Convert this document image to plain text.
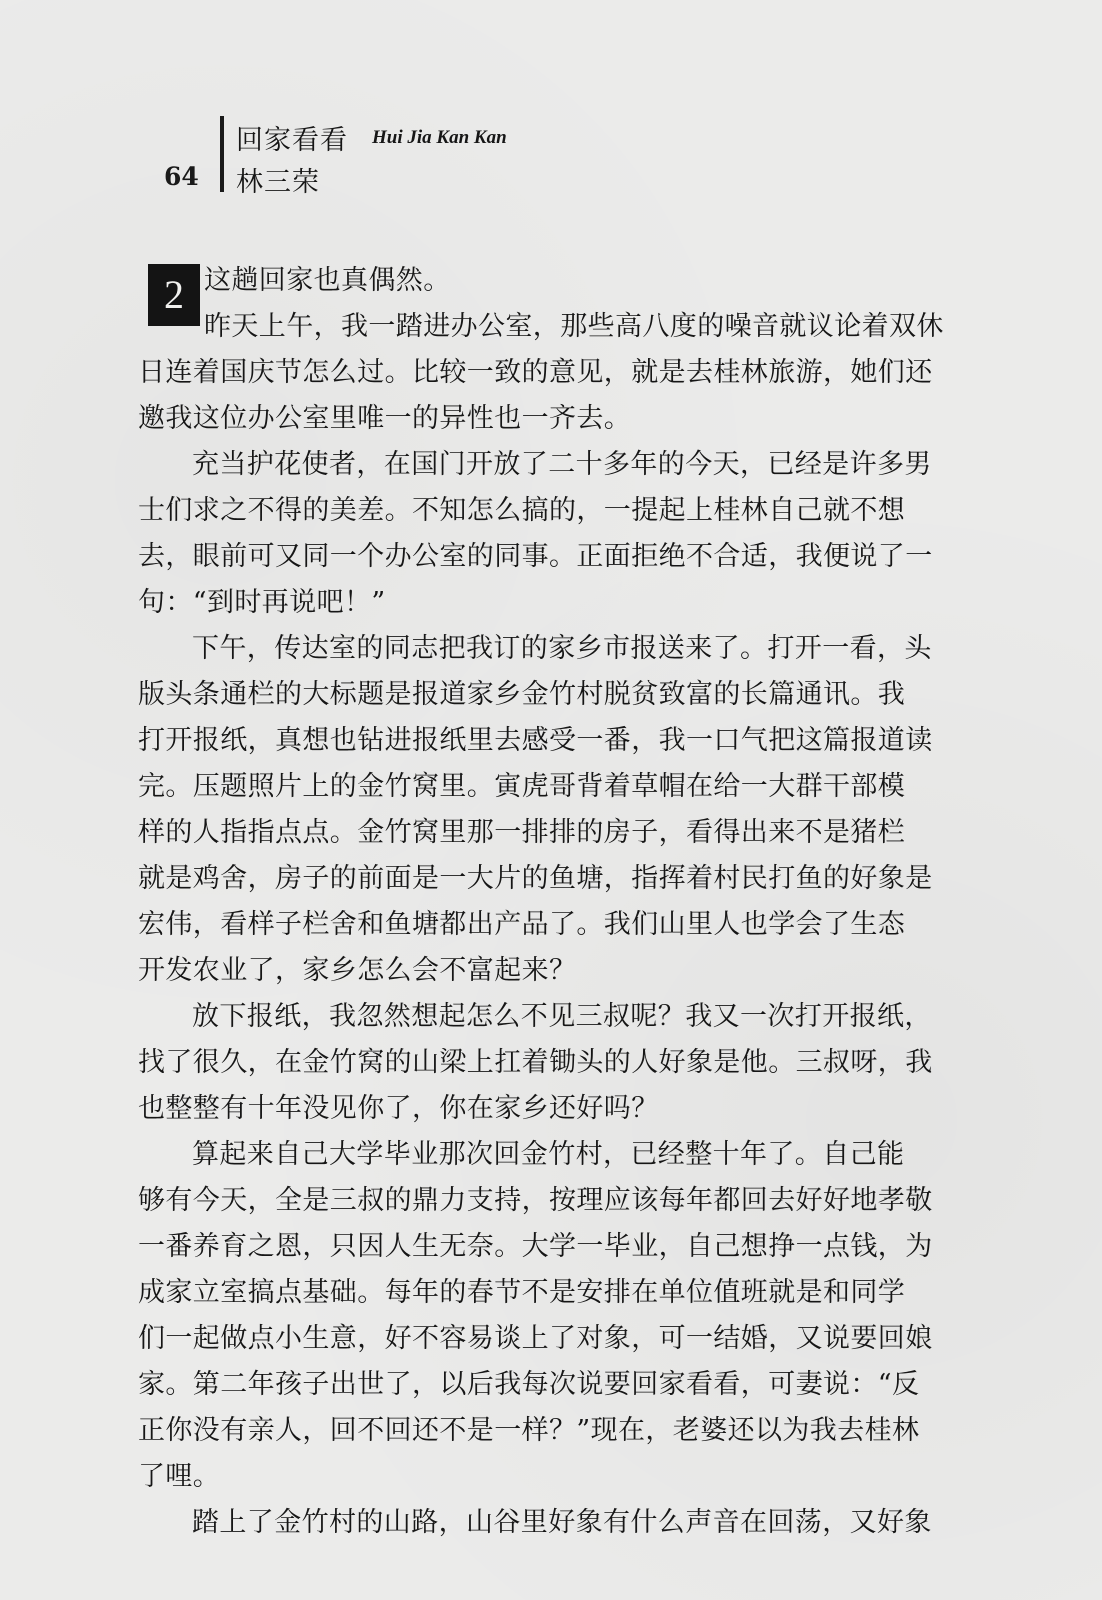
64
回家看看 Hui Jia Kan Kan
林三荣
2 这趟回家也真偶然。
昨天上午，我一踏进办公室，那些高八度的噪音就议论着双休
日连着国庆节怎么过。比较一致的意见，就是去桂林旅游，她们还
邀我这位办公室里唯一的异性也一齐去。
充当护花使者，在国门开放了二十多年的今天，已经是许多男
士们求之不得的美差。不知怎么搞的，一提起上桂林自己就不想
去，眼前可又同一个办公室的同事。正面拒绝不合适，我便说了一
句：“到时再说吧！”
下午，传达室的同志把我订的家乡市报送来了。打开一看，头
版头条通栏的大标题是报道家乡金竹村脱贫致富的长篇通讯。我
打开报纸，真想也钻进报纸里去感受一番，我一口气把这篇报道读
完。压题照片上的金竹窝里。寅虎哥背着草帽在给一大群干部模
样的人指指点点。金竹窝里那一排排的房子，看得出来不是猪栏
就是鸡舍，房子的前面是一大片的鱼塘，指挥着村民打鱼的好象是
宏伟，看样子栏舍和鱼塘都出产品了。我们山里人也学会了生态
开发农业了，家乡怎么会不富起来？
放下报纸，我忽然想起怎么不见三叔呢？我又一次打开报纸，
找了很久，在金竹窝的山梁上扛着锄头的人好象是他。三叔呀，我
也整整有十年没见你了，你在家乡还好吗？
算起来自己大学毕业那次回金竹村，已经整十年了。自己能
够有今天，全是三叔的鼎力支持，按理应该每年都回去好好地孝敬
一番养育之恩，只因人生无奈。大学一毕业，自己想挣一点钱，为
成家立室搞点基础。每年的春节不是安排在单位值班就是和同学
们一起做点小生意，好不容易谈上了对象，可一结婚，又说要回娘
家。第二年孩子出世了，以后我每次说要回家看看，可妻说：“反
正你没有亲人，回不回还不是一样？”现在，老婆还以为我去桂林
了哩。
踏上了金竹村的山路，山谷里好象有什么声音在回荡，又好象
